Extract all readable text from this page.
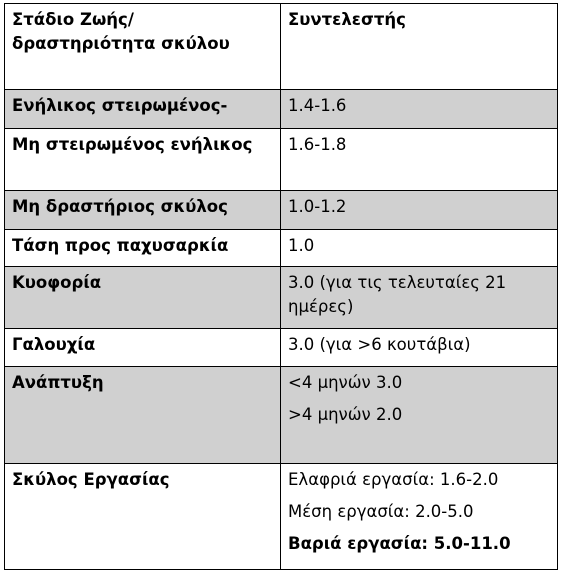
Στάδιο Ζωής/δραστηριότητα σκύλου	Συντελεστής
Ενήλικος στειρωμένος-	1.4-1.6

Μη στειρωμένος ενήλικος	1.6-1.8

Μη δραστήριος σκύλος	1.0-1.2

Τάση προς παχυσαρκία	1.0

Κυοφορία	3.0 (για τις τελευταίες 21 ημέρες)

Γαλουχία	3.0 (για >6 κουτάβια)

Ανάπτυξη	<4 μηνών 3.0

>4 μηνών 2.0

Σκύλος Εργασίας	Ελαφριά εργασία: 1.6-2.0

Μέση εργασία: 2.0-5.0

Βαριά εργασία: 5.0-11.0
